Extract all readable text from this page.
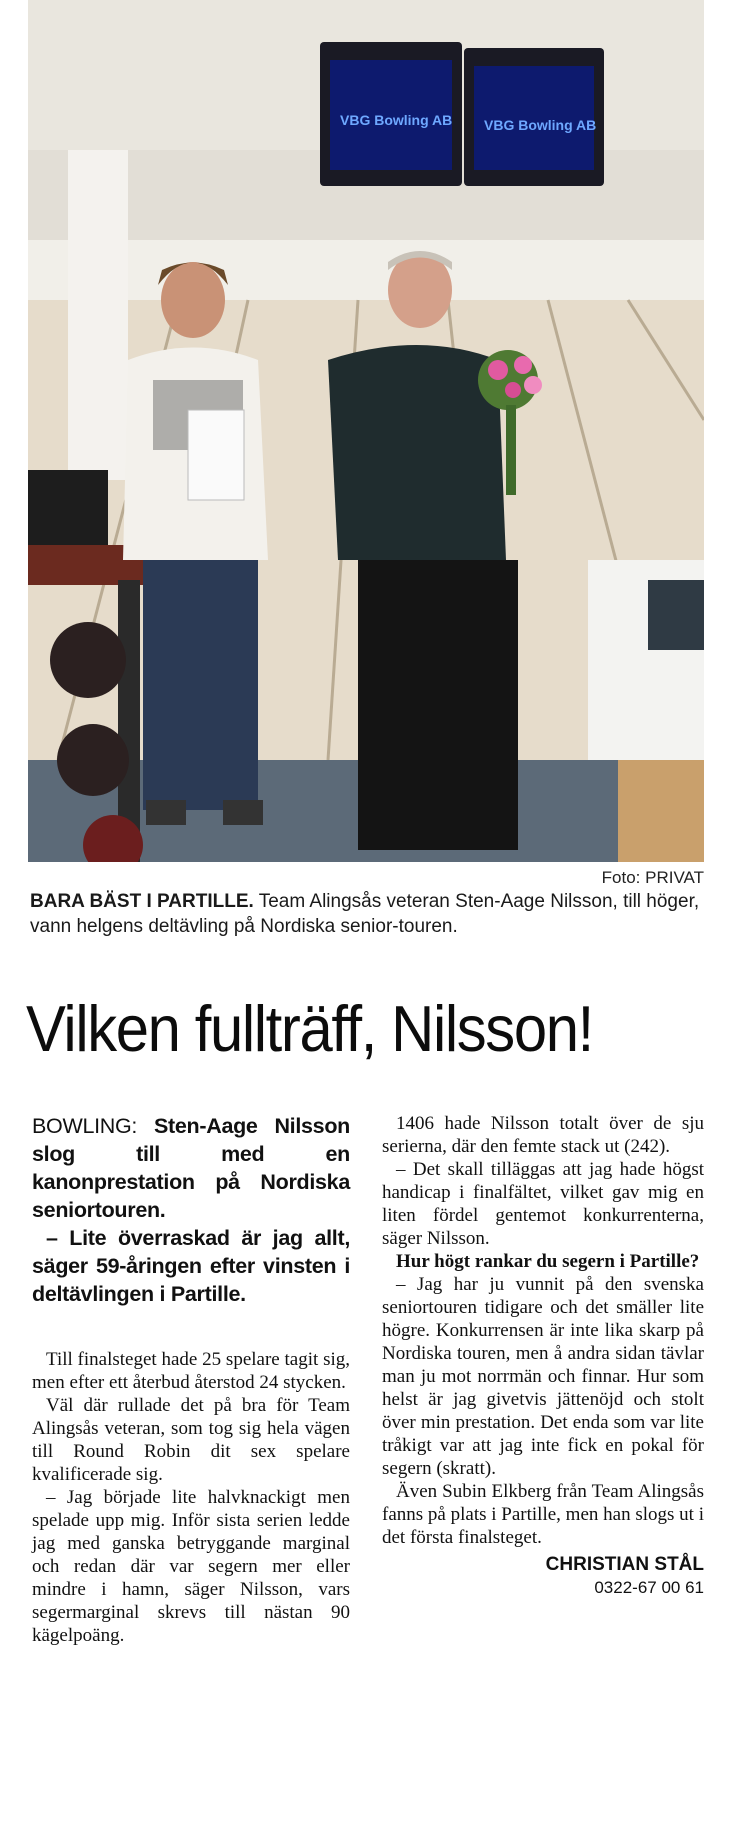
VBG Bowling AB VBG Bowling AB
Foto: PRIVAT
BARA BÄST I PARTILLE. Team Alingsås veteran Sten-Aage Nilsson, till höger, vann helgens deltävling på Nordiska senior-touren.
Vilken fullträff, Nilsson!

BOWLING: Sten-Aage Nilsson slog till med en kanonprestation på Nordiska seniortouren.

– Lite överraskad är jag allt, säger 59-åringen efter vinsten i deltävlingen i Partille.

Till finalsteget hade 25 spelare tagit sig, men efter ett återbud återstod 24 stycken.

Väl där rullade det på bra för Team Alingsås veteran, som tog sig hela vägen till Round Robin dit sex spelare kvalificerade sig.

– Jag började lite halvknackigt men spelade upp mig. Inför sista serien ledde jag med ganska betryggande marginal och redan där var segern mer eller mindre i hamn, säger Nilsson, vars segermarginal skrevs till nästan 90 kägelpoäng.

1406 hade Nilsson totalt över de sju serierna, där den femte stack ut (242).

– Det skall tilläggas att jag hade högst handicap i finalfältet, vilket gav mig en liten fördel gentemot konkurrenterna, säger Nilsson.

Hur högt rankar du segern i Partille?

– Jag har ju vunnit på den svenska seniortouren tidigare och det smäller lite högre. Konkurrensen är inte lika skarp på Nordiska touren, men å andra sidan tävlar man ju mot norrmän och finnar. Hur som helst är jag givetvis jättenöjd och stolt över min prestation. Det enda som var lite tråkigt var att jag inte fick en pokal för segern (skratt).

Även Subin Elkberg från Team Alingsås fanns på plats i Partille, men han slogs ut i det första finalsteget.

CHRISTIAN STÅL
0322-67 00 61
